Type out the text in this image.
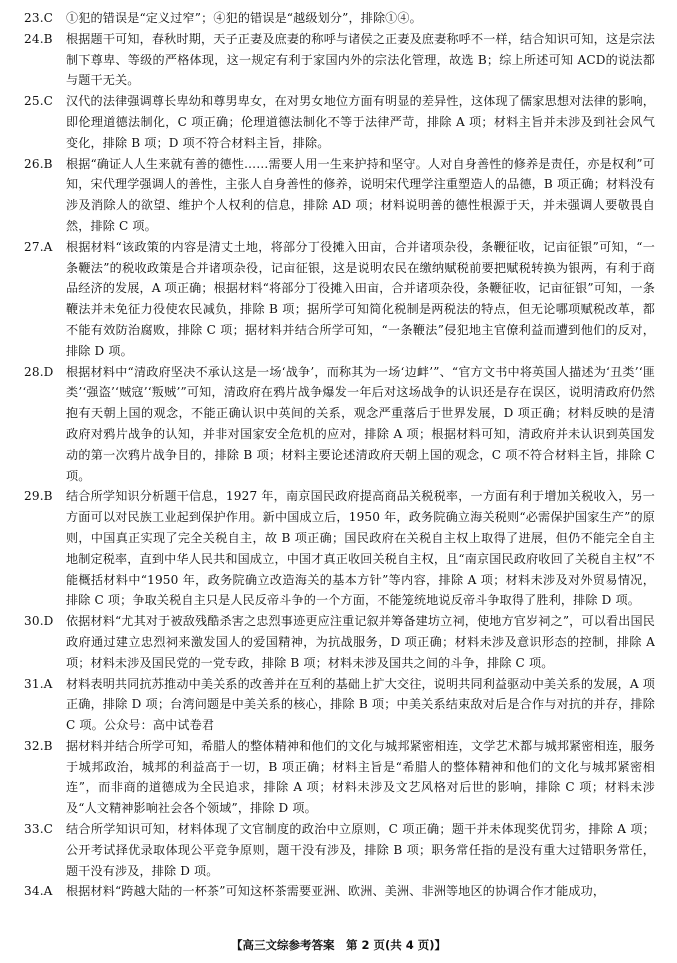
23.C	①犯的错误是“定义过窄”；④犯的错误是“越级划分”，排除①④。
24.B	根据题干可知，春秋时期，天子正妻及庶妻的称呼与诸侯之正妻及庶妻称呼不一样，结合知识可知，这是宗法制下尊卑、等级的严格体现，这一规定有利于家国内外的宗法化管理，故选 B；综上所述可知 ACD的说法都与题干无关。
25.C	汉代的法律强调尊长卑幼和尊男卑女，在对男女地位方面有明显的差异性，这体现了儒家思想对法律的影响，即伦理道德法制化，C 项正确；伦理道德法制化不等于法律严苛，排除 A 项；材料主旨并未涉及到社会风气变化，排除 B 项；D 项不符合材料主旨，排除。
26.B	根据“确证人人生来就有善的德性……需要人用一生来护持和坚守。人对自身善性的修养是责任，亦是权利”可知，宋代理学强调人的善性，主张人自身善性的修养，说明宋代理学注重塑造人的品德，B 项正确；材料没有涉及消除人的欲望、维护个人权利的信息，排除 AD 项；材料说明善的德性根源于天，并未强调人要敬畏自然，排除 C 项。
27.A	根据材料“该政策的内容是清丈土地，将部分丁役摊入田亩，合并诸项杂役，条鞭征收，记亩征银”可知，“一条鞭法”的税收政策是合并诸项杂役，记亩征银，这是说明农民在缴纳赋税前要把赋税转换为银两，有利于商品经济的发展，A 项正确；根据材料“将部分丁役摊入田亩，合并诸项杂役，条鞭征收，记亩征银”可知，一条鞭法并未免征力役使农民减负，排除 B 项；据所学可知简化税制是两税法的特点，但无论哪项赋税改革，都不能有效防治腐败，排除 C 项；据材料并结合所学可知，“一条鞭法”侵犯地主官僚利益而遭到他们的反对，排除 D 项。
28.D	根据材料中“清政府坚决不承认这是一场‘战争’，而称其为一场‘边衅’”、“官方文书中将英国人描述为‘丑类’‘匪类’‘强盗’‘贼寇’‘叛贼’”可知，清政府在鸦片战争爆发一年后对这场战争的认识还是存在误区，说明清政府仍然抱有天朝上国的观念，不能正确认识中英间的关系，观念严重落后于世界发展，D 项正确；材料反映的是清政府对鸦片战争的认知，并非对国家安全危机的应对，排除 A 项；根据材料可知，清政府并未认识到英国发动的第一次鸦片战争目的，排除 B 项；材料主要论述清政府天朝上国的观念，C 项不符合材料主旨，排除 C 项。
29.B	结合所学知识分析题干信息，1927 年，南京国民政府提高商品关税税率，一方面有利于增加关税收入，另一方面可以对民族工业起到保护作用。新中国成立后，1950 年，政务院确立海关税则“必需保护国家生产”的原则，中国真正实现了完全关税自主，故 B 项正确；国民政府在关税自主权上取得了进展，但仍不能完全自主地制定税率，直到中华人民共和国成立，中国才真正收回关税自主权，且“南京国民政府收回了关税自主权”不能概括材料中“1950 年，政务院确立改造海关的基本方针”等内容，排除 A 项；材料未涉及对外贸易情况，排除 C 项；争取关税自主只是人民反帝斗争的一个方面，不能笼统地说反帝斗争取得了胜利，排除 D 项。
30.D	依据材料“尤其对于被敌残酷杀害之忠烈事迹更应注重记叙并筹备建坊立祠，使地方官岁祠之”，可以看出国民政府通过建立忠烈祠来激发国人的爱国精神，为抗战服务，D 项正确；材料未涉及意识形态的控制，排除 A 项；材料未涉及国民党的一党专政，排除 B 项；材料未涉及国共之间的斗争，排除 C 项。
31.A	材料表明共同抗苏推动中美关系的改善并在互利的基础上扩大交往，说明共同利益驱动中美关系的发展，A 项正确，排除 D 项；台湾问题是中美关系的核心，排除 B 项；中美关系结束敌对后是合作与对抗的并存，排除 C 项。公众号：高中试卷君
32.B	据材料并结合所学可知，希腊人的整体精神和他们的文化与城邦紧密相连，文学艺术都与城邦紧密相连，服务于城邦政治，城邦的利益高于一切，B 项正确；材料主旨是“希腊人的整体精神和他们的文化与城邦紧密相连”，而非商的道德成为全民追求，排除 A 项；材料未涉及文艺风格对后世的影响，排除 C 项；材料未涉及“人文精神影响社会各个领域”，排除 D 项。
33.C	结合所学知识可知，材料体现了文官制度的政治中立原则，C 项正确；题干并未体现奖优罚劣，排除 A 项；公开考试择优录取体现公平竞争原则，题干没有涉及，排除 B 项；职务常任指的是没有重大过错职务常任，题干没有涉及，排除 D 项。
34.A	根据材料“跨越大陆的一杯茶”可知这杯茶需要亚洲、欧洲、美洲、非洲等地区的协调合作才能成功，
【高三文综参考答案　第 2 页(共 4 页)】
